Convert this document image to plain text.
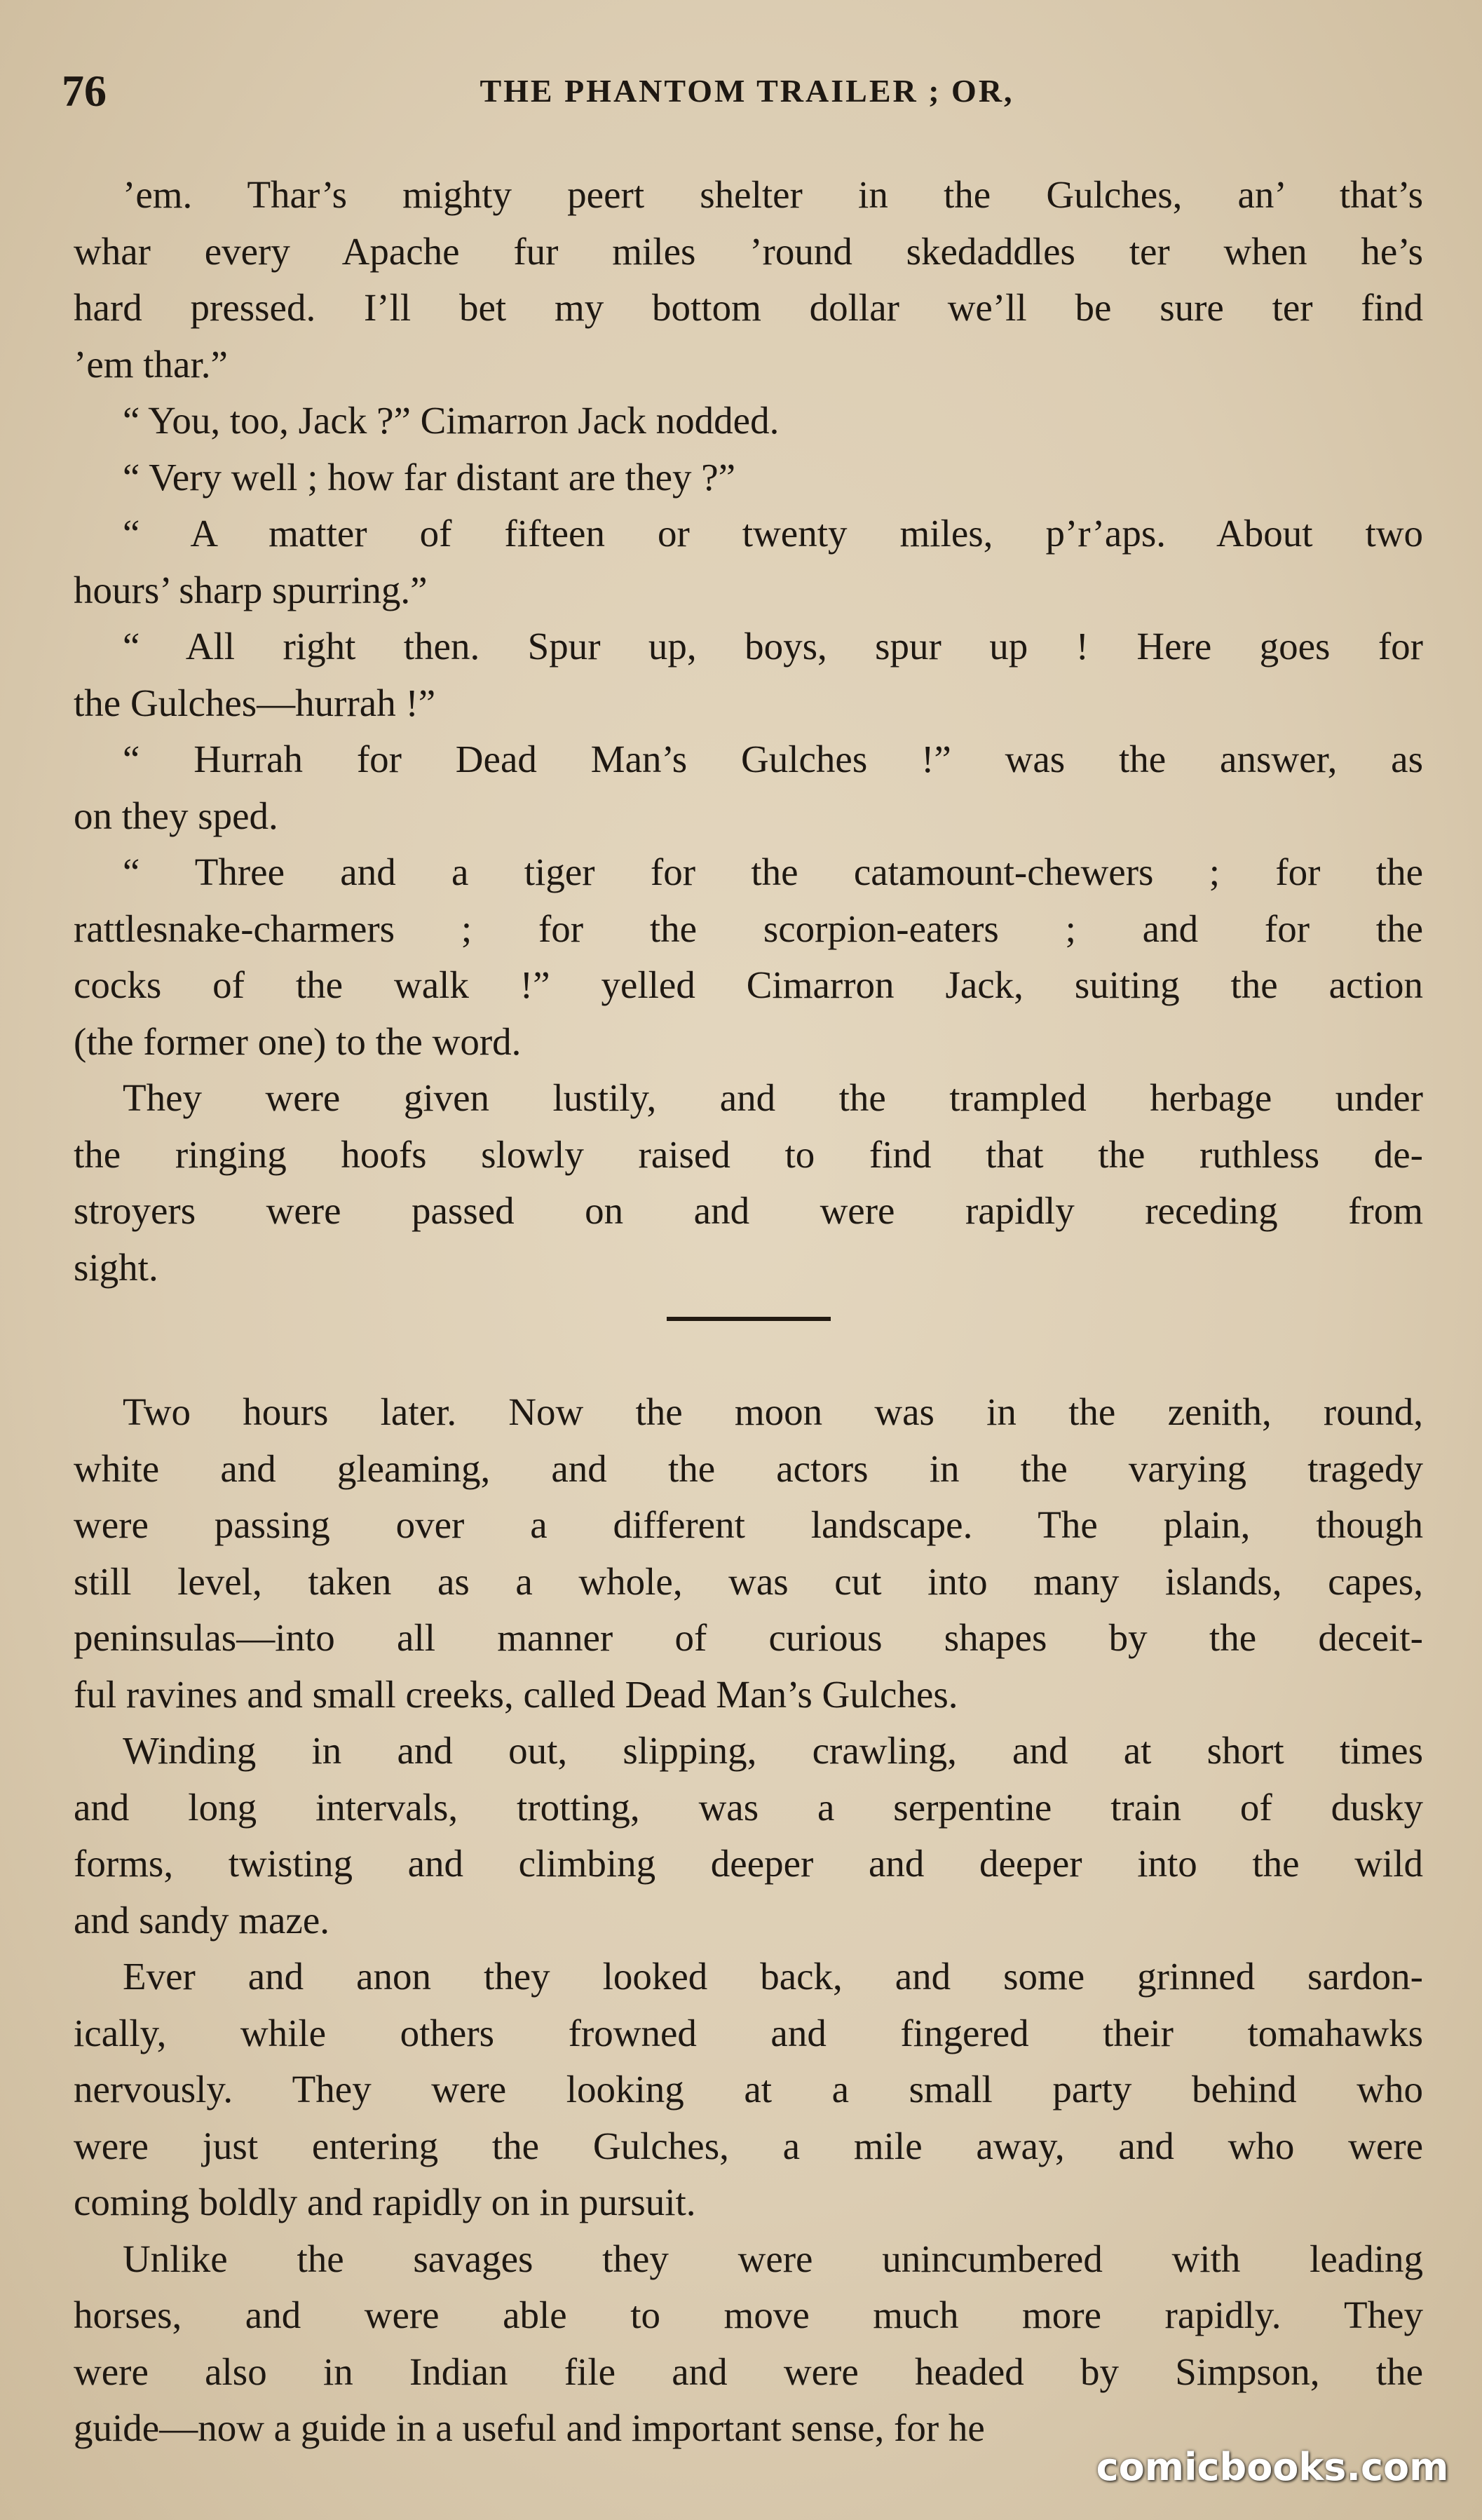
76	THE PHANTOM TRAILER ; OR,

’em. Thar’s mighty peert shelter in the Gulches, an’ that’s

whar every Apache fur miles ’round skedaddles ter when he’s

hard pressed. I’ll bet my bottom dollar we’ll be sure ter find

’em thar.”

“ You, too, Jack ?” Cimarron Jack nodded.

“ Very well ; how far distant are they ?”

“ A matter of fifteen or twenty miles, p’r’aps. About two

hours’ sharp spurring.”

“ All right then. Spur up, boys, spur up ! Here goes for

the Gulches—hurrah !”

“ Hurrah for Dead Man’s Gulches !” was the answer, as

on they sped.

“ Three and a tiger for the catamount-chewers ; for the

rattlesnake-charmers ; for the scorpion-eaters ; and for the

cocks of the walk !” yelled Cimarron Jack, suiting the action

(the former one) to the word.

They were given lustily, and the trampled herbage under

the ringing hoofs slowly raised to find that the ruthless de-

stroyers were passed on and were rapidly receding from

sight.

Two hours later. Now the moon was in the zenith, round,

white and gleaming, and the actors in the varying tragedy

were passing over a different landscape. The plain, though

still level, taken as a whole, was cut into many islands, capes,

peninsulas—into all manner of curious shapes by the deceit-

ful ravines and small creeks, called Dead Man’s Gulches.

Winding in and out, slipping, crawling, and at short times

and long intervals, trotting, was a serpentine train of dusky

forms, twisting and climbing deeper and deeper into the wild

and sandy maze.

Ever and anon they looked back, and some grinned sardon-

ically, while others frowned and fingered their tomahawks

nervously. They were looking at a small party behind who

were just entering the Gulches, a mile away, and who were

coming boldly and rapidly on in pursuit.

Unlike the savages they were unincumbered with leading

horses, and were able to move much more rapidly. They

were also in Indian file and were headed by Simpson, the

guide—now a guide in a useful and important sense, for he

comicbooks.com
